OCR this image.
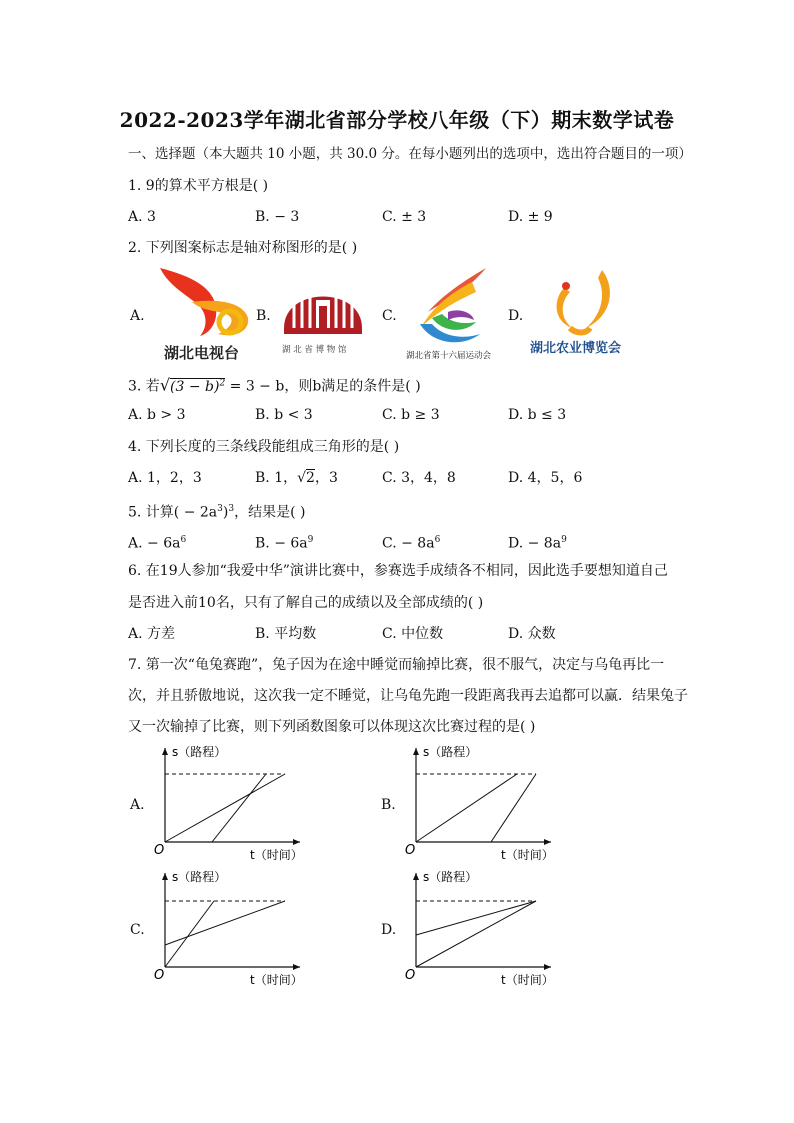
2022-2023学年湖北省部分学校八年级（下）期末数学试卷
一、选择题（本大题共 10 小题，共 30.0 分。在每小题列出的选项中，选出符合题目的一项）
1. 9的算术平方根是( )
A. 3	B. − 3	C. ± 3	D. ± 9
2. 下列图案标志是轴对称图形的是( )
A.	B.	C.	D.
湖北电视台	湖 北 省 博 物 馆
湖北省第十六届运动会	湖北农业博览会
3. 若$√(3 - b)^2 = 3 - b$，则b满足的条件是( )
A. b > 3	B. b < 3	C. b ≥ 3	D. b ≤ 3
4. 下列长度的三条线段能组成三角形的是( )
A. 1，2，3	B. 1，√2，3	C. 3，4，8	D. 4，5，6
5. 计算( − $2a^3)^3$，结果是( )
A. − $6a^6$	B. − $6a^9$	C. − $8a^6$	D. − $8a^9$
6. 在19人参加“我爱中华”演讲比赛中，参赛选手成绩各不相同，因此选手要想知道自己
是否进入前10名，只有了解自己的成绩以及全部成绩的( )
A. 方差	B. 平均数	C. 中位数	D. 众数
7. 第一次“龟兔赛跑”，兔子因为在途中睡觉而输掉比赛，很不服气，决定与乌龟再比一
次，并且骄傲地说，这次我一定不睡觉，让乌龟先跑一段距离我再去追都可以赢．结果兔子
又一次输掉了比赛，则下列函数图象可以体现这次比赛过程的是( )
A.	B.
C.	D.
s（路程）
t（时间）
O
s（路程）
t（时间）
O
s（路程）
t（时间）
O
s（路程）
t（时间）
O
